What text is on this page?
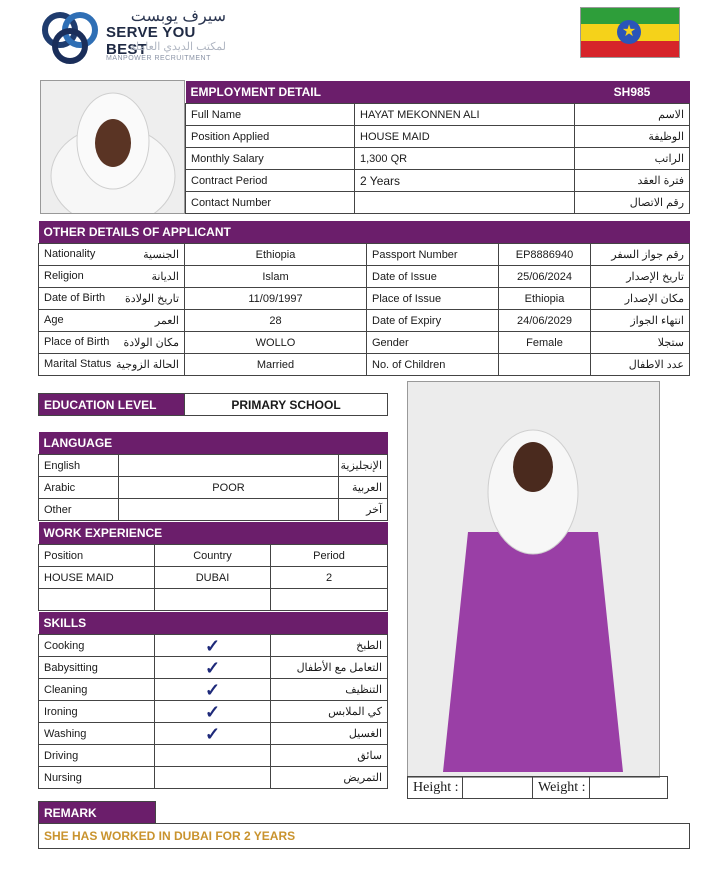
سيرف يوبست
SERVE YOU BEST
لمكتب الديدي العاملة
MANPOWER RECRUITMENT
★
EMPLOYMENT DETAIL		SH985
Full Name	HAYAT MEKONNEN ALI	الاسم
Position Applied	HOUSE MAID	الوظيفة
Monthly Salary	1,300 QR	الراتب
Contract Period	2 Years	فترة العقد
Contact Number		رقم الاتصال
OTHER DETAILS OF APPLICANT				
Nationality الجنسية	Ethiopia	Passport Number	EP8886940	رقم جواز السفر
Religion الديانة	Islam	Date of Issue	25/06/2024	تاريخ الإصدار
Date of Birth تاريخ الولادة	11/09/1997	Place of Issue	Ethiopia	مكان الإصدار
Age العمر	28	Date of Expiry	24/06/2029	انتهاء الجواز
Place of Birth مكان الولادة	WOLLO	Gender	Female	ستجلا
Marital Status الحالة الزوجية	Married	No. of Children		عدد الاطفال
EDUCATION LEVEL	PRIMARY SCHOOL
LANGUAGE		
English		الإنجليزية
Arabic	POOR	العربية
Other		آخر
WORK EXPERIENCE		
Position	Country	Period
HOUSE MAID	DUBAI	2

SKILLS		
Cooking	✓	الطبخ
Babysitting	✓	التعامل مع الأطفال
Cleaning	✓	التنظيف
Ironing	✓	كي الملابس
Washing	✓	الغسيل
Driving		سائق
Nursing		التمريض
Height :		Weight :	
REMARK	
SHE HAS WORKED IN DUBAI FOR 2 YEARS
